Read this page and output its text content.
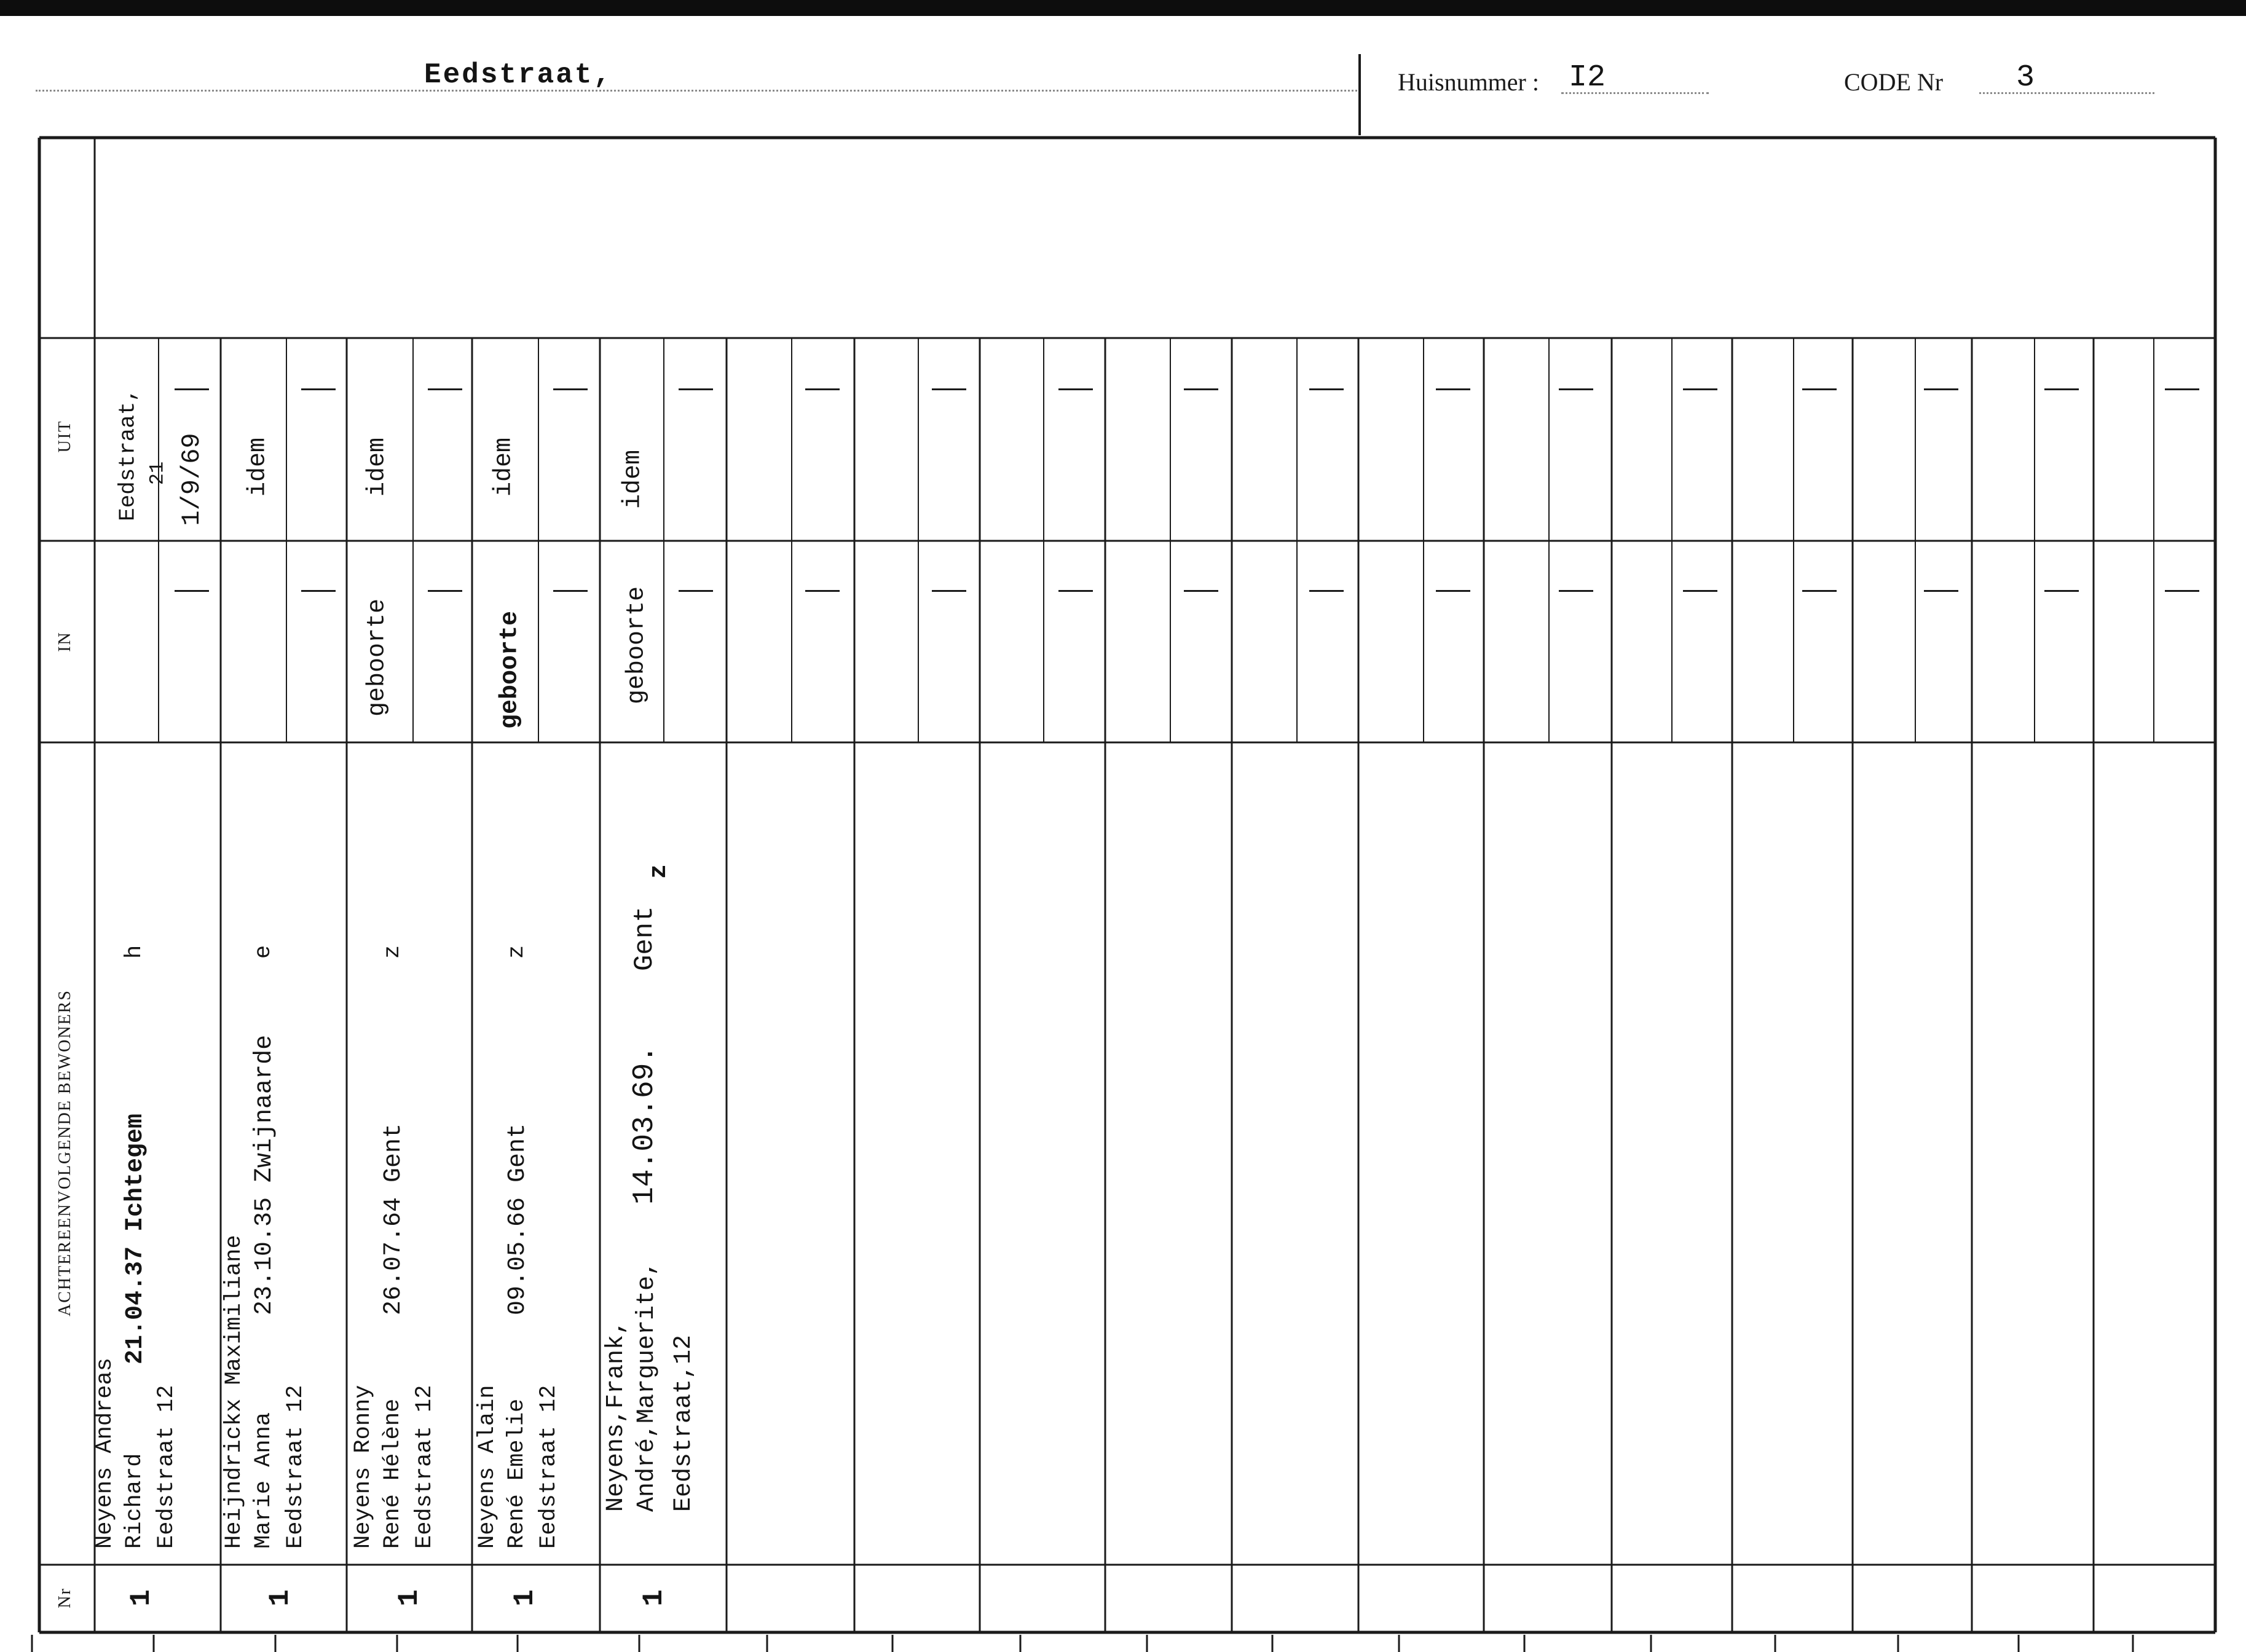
Eedstraat,	Huisnummer : I2	CODE Nr 3
UIT
IN
ACHTEREENVOLGENDE BEWONERS
Nr
Eedstraat, 21 1/9/69
Neyens Andreas Richard
21.04.37 Ichtegem
h
Eedstraat 12
1
idem
Heijndrickx Maximiliane Marie Anna
23.10.35 Zwijnaarde
e
Eedstraat 12
1
geboorte
idem
Neyens Ronny René Hélène
26.07.64 Gent
z
Eedstraat 12
1
geboorte
idem
Neyens Alain René Emelie
09.05.66 Gent
z
Eedstraat 12
1
geboorte
idem
Neyens,Frank, André,Marguerite,
14.03.69.
Gent
Eedstraat,12
z
1
